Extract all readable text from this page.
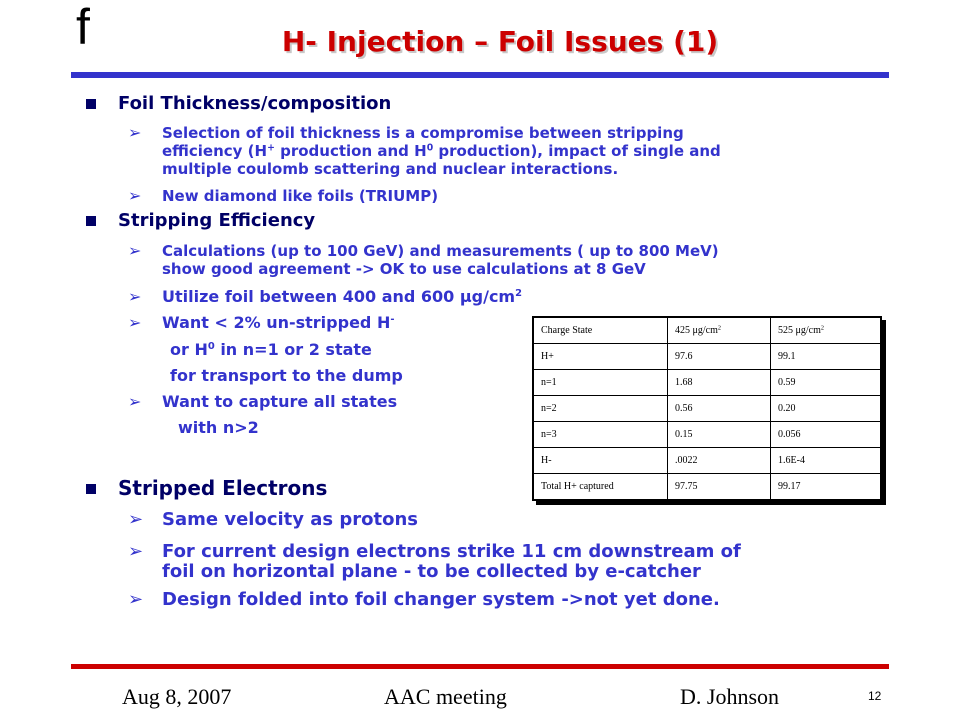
f	H- Injection – Foil Issues (1)
Foil Thickness/composition
➢ Selection of foil thickness is a compromise between stripping
efficiency (H+ production and $H^0$ production), impact of single and
multiple coulomb scattering and nuclear interactions.
➢ New diamond like foils (TRIUMP)
Stripping Efficiency
➢ Calculations (up to 100 GeV) and measurements ( up to 800 MeV)
show good agreement -> OK to use calculations at 8 GeV
➢ Utilize foil between 400 and 600 $\mu g/cm^2$
➢ Want < 2% un-stripped H-
or $H^0$ in n=1 or 2 state
for transport to the dump
➢ Want to capture all states
with n>2
Stripped Electrons
➢ Same velocity as protons
➢ For current design electrons strike 11 cm downstream of
foil on horizontal plane - to be collected by e-catcher
➢ Design folded into foil changer system ->not yet done.
Charge State	425 $\mu g/cm^2$	525 $\mu g/cm^2$
H+	97.6	99.1
n=1	1.68	0.59
n=2	0.56	0.20
n=3	0.15	0.056
H-	.0022	1.6E-4
Total H+ captured	97.75	99.17
Aug 8, 2007	AAC meeting	D. Johnson	12
